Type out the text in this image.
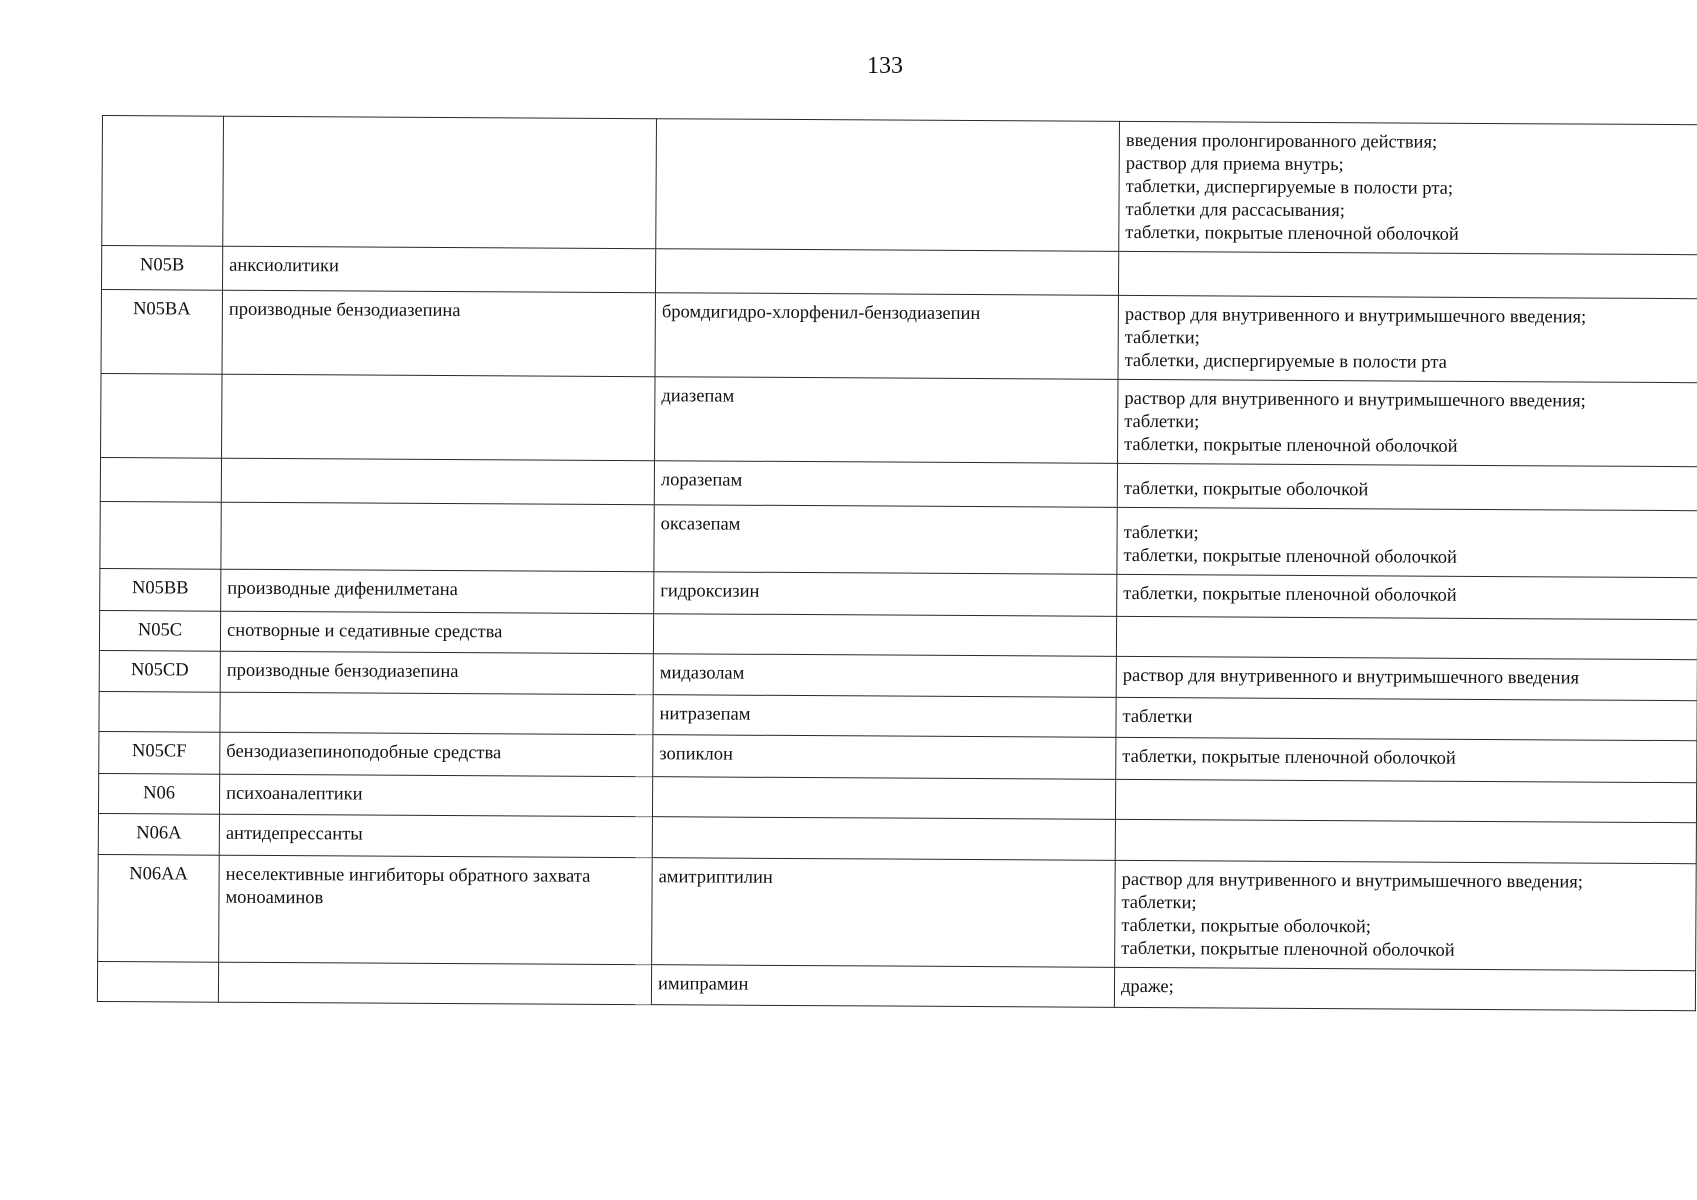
133

			введения пролонгированного действия;
раствор для приема внутрь;
таблетки, диспергируемые в полости рта;
таблетки для рассасывания;
таблетки, покрытые пленочной оболочкой

N05B	анксиолитики		
N05BA	производные бензодиазепина	бромдигидро-хлорфенил-бензодиазепин	раствор для внутривенного и внутримышечного введения;
таблетки;
таблетки, диспергируемые в полости рта

		диазепам	раствор для внутривенного и внутримышечного введения;
таблетки;
таблетки, покрытые пленочной оболочкой

		лоразепам	таблетки, покрытые оболочкой

		оксазепам	таблетки;
таблетки, покрытые пленочной оболочкой

N05BB	производные дифенилметана	гидроксизин	таблетки, покрытые пленочной оболочкой

N05C	снотворные и седативные средства		
N05CD	производные бензодиазепина	мидазолам	раствор для внутривенного и внутримышечного введения

		нитразепам	таблетки

N05CF	бензодиазепиноподобные средства	зопиклон	таблетки, покрытые пленочной оболочкой

N06	психоаналептики		
N06A	антидепрессанты		
N06AA	неселективные ингибиторы обратного захвата моноаминов	амитриптилин	раствор для внутривенного и внутримышечного введения;
таблетки;
таблетки, покрытые оболочкой;
таблетки, покрытые пленочной оболочкой

		имипрамин	драже;
